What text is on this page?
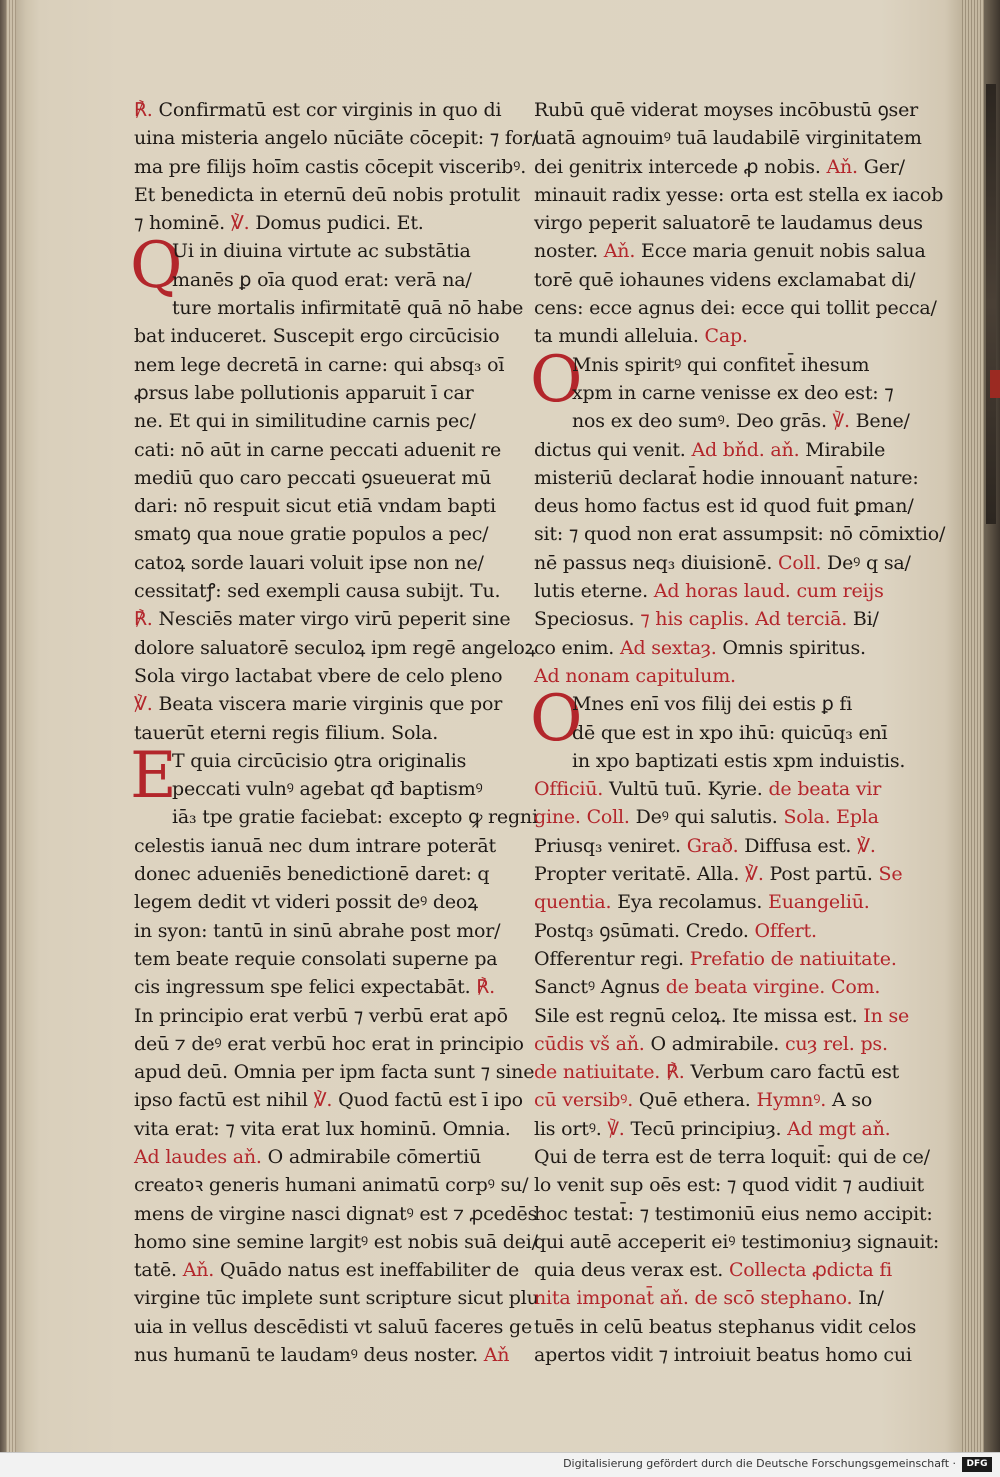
℟. Confirmatū est cor virginis in quo di
uina misteria angelo nūciāte cōcepit: ⁊ for/
ma pre filijs hoīm castis cōcepit visceribꝰ.
Et benedicta in eternū deū nobis protulit
⁊ hominē. ℣. Domus pudici. Et.
Q
Ui in diuina virtute ac substātia
manēs ꝑ oīa quod erat: verā na/
ture mortalis infirmitatē quā nō habe
bat induceret. Suscepit ergo circūcisio
nem lege decretā in carne: qui absq₃ oī
ꝓrsus labe pollutionis apparuit ī car
ne. Et qui in similitudine carnis pec/
cati: nō aūt in carne peccati aduenit re
mediū quo caro peccati ꝯsueuerat mū
dari: nō respuit sicut etiā vndam bapti
smatꝯ qua noue gratie populos a pec/
catoꝝ sorde lauari voluit ipse non ne/
cessitatꝭ: sed exempli causa subijt. Tu.
℟. Nesciēs mater virgo virū peperit sine
dolore saluatorē seculoꝝ ipm regē angeloꝝ
Sola virgo lactabat vbere de celo pleno
℣. Beata viscera marie virginis que por
tauerūt eterni regis filium. Sola.
E
T quia circūcisio ꝯtra originalis
peccati vulnꝰ agebat qđ baptismꝰ
iā₃ tpe gratie faciebat: excepto ꝙ regni
celestis ianuā nec dum intrare poterāt
donec adueniēs benedictionē daret: q
legem dedit vt videri possit deꝰ deoꝝ
in syon: tantū in sinū abrahe post mor/
tem beate requie consolati superne pa
cis ingressum spe felici expectabāt. ℟.
In principio erat verbū ⁊ verbū erat apō
deū ⁊ deꝰ erat verbū hoc erat in principio
apud deū. Omnia per ipm facta sunt ⁊ sine
ipso factū est nihil ℣. Quod factū est ī ipo
vita erat: ⁊ vita erat lux hominū. Omnia.
Ad laudes aň. O admirabile cōmertiū
creatoꝛ generis humani animatū corpꝰ su/
mens de virgine nasci dignatꝰ est ⁊ ꝓcedēs
homo sine semine largitꝰ est nobis suā dei/
tatē. Aň. Quādo natus est ineffabiliter de
virgine tūc implete sunt scripture sicut plu
uia in vellus descēdisti vt saluū faceres ge
nus humanū te laudamꝰ deus noster. Aň
Rubū quē viderat moyses incōbustū ꝯser
uatā agnouimꝰ tuā laudabilē virginitatem
dei genitrix intercede ꝓ nobis. Aň. Ger/
minauit radix yesse: orta est stella ex iacob
virgo peperit saluatorē te laudamus deus
noster. Aň. Ecce maria genuit nobis salua
torē quē iohaunes videns exclamabat di/
cens: ecce agnus dei: ecce qui tollit pecca/
ta mundi alleluia. Cap.
O
Mnis spiritꝰ qui confitet̄ ihesum
xpm in carne venisse ex deo est: ⁊
nos ex deo sumꝰ. Deo grās. ℣. Bene/
dictus qui venit. Ad bňd. aň. Mirabile
misteriū declarat̄ hodie innouant̄ nature:
deus homo factus est id quod fuit ꝑman/
sit: ⁊ quod non erat assumpsit: nō cōmixtio/
nē passus neq₃ diuisionē. Coll. Deꝰ q sa/
lutis eterne. Ad horas laud. cum reijs
Speciosus. ⁊ his caplis. Ad terciā. Bi/
co enim. Ad sextaȝ. Omnis spiritus.
Ad nonam capitulum.
O
Mnes enī vos filij dei estis ꝑ fi
dē que est in xpo ihū: quicūq₃ enī
in xpo baptizati estis xpm induistis.
Officiū. Vultū tuū. Kyrie. de beata vir
gine. Coll. Deꝰ qui salutis. Sola. Epla
Priusq₃ veniret. Grað. Diffusa est. ℣.
Propter veritatē. Alla. ℣. Post partū. Se
quentia. Eya recolamus. Euangeliū.
Postq₃ ꝯsūmati. Credo. Offert.
Offerentur regi. Prefatio de natiuitate.
Sanctꝰ Agnus de beata virgine. Com.
Sile est regnū celoꝝ. Ite missa est. In se
cūdis vš aň. O admirabile. cuȝ rel. ps.
de natiuitate. ℟. Verbum caro factū est
cū versibꝰ. Quē ethera. Hymnꝰ. A so
lis ortꝰ. ℣. Tecū principiuȝ. Ad mgt aň.
Qui de terra est de terra loquit̄: qui de ce/
lo venit sup oēs est: ⁊ quod vidit ⁊ audiuit
hoc testat̄: ⁊ testimoniū eius nemo accipit:
qui autē acceperit eiꝰ testimoniuȝ signauit:
quia deus verax est. Collecta ꝓdicta fi
nita imponat̄ aň. de scō stephano. In/
tuēs in celū beatus stephanus vidit celos
apertos vidit ⁊ introiuit beatus homo cui
Digitalisierung gefördert durch die Deutsche Forschungsgemeinschaft ·	DFG
